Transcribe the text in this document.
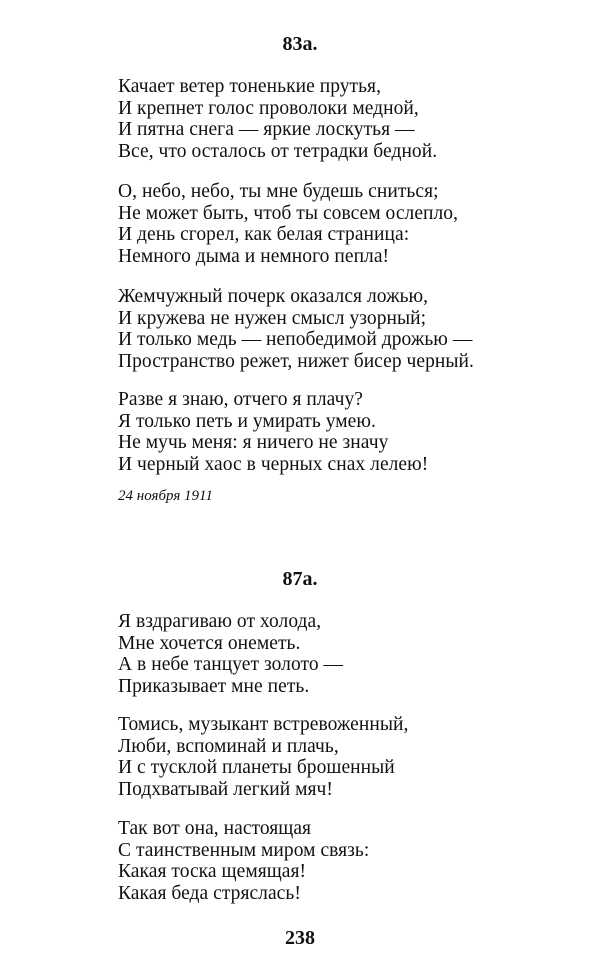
83a.
Качает ветер тоненькие прутья,
И крепнет голос проволоки медной,
И пятна снега — яркие лоскутья —
Все, что осталось от тетрадки бедной.
О, небо, небо, ты мне будешь сниться;
Не может быть, чтоб ты совсем ослепло,
И день сгорел, как белая страница:
Немного дыма и немного пепла!
Жемчужный почерк оказался ложью,
И кружева не нужен смысл узорный;
И только медь — непобедимой дрожью —
Пространство режет, нижет бисер черный.
Разве я знаю, отчего я плачу?
Я только петь и умирать умею.
Не мучь меня: я ничего не значу
И черный хаос в черных снах лелею!
24 ноября 1911
87a.
Я вздрагиваю от холода,
Мне хочется онеметь.
А в небе танцует золото —
Приказывает мне петь.
Томись, музыкант встревоженный,
Люби, вспоминай и плачь,
И с тусклой планеты брошенный
Подхватывай легкий мяч!
Так вот она, настоящая
С таинственным миром связь:
Какая тоска щемящая!
Какая беда стряслась!
238
